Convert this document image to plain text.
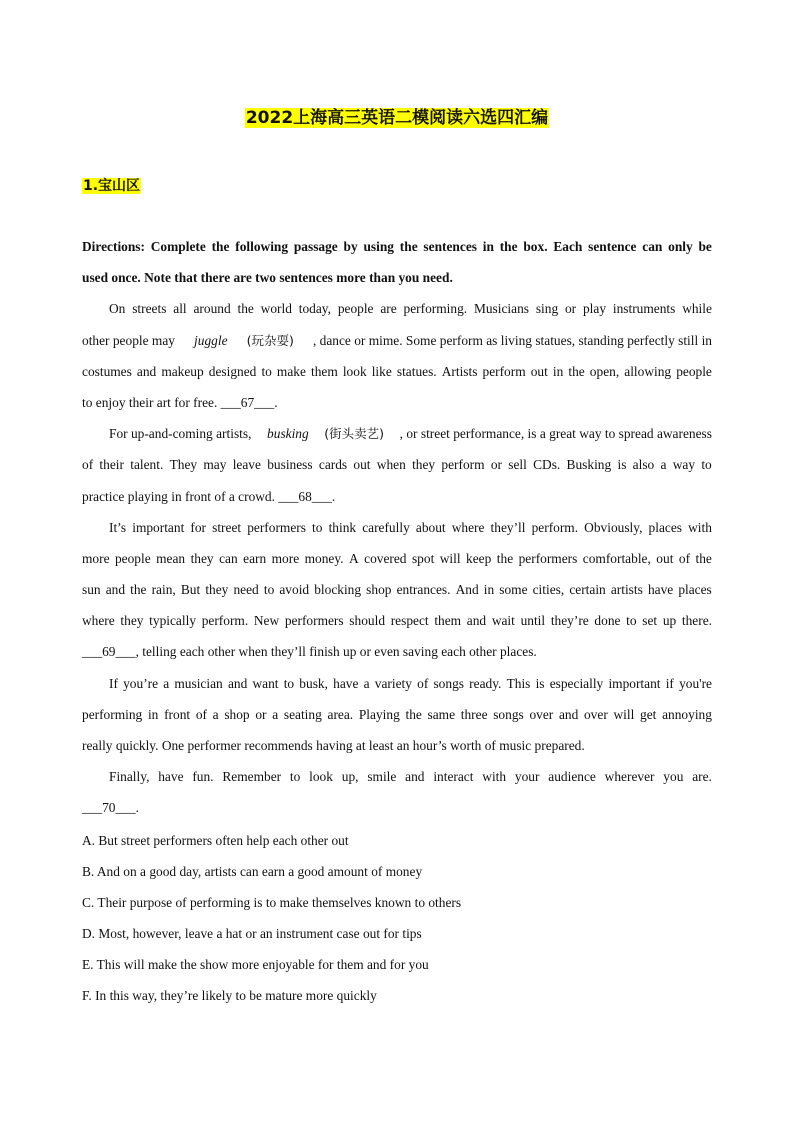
2022上海高三英语二模阅读六选四汇编
1.宝山区
Directions: Complete the following passage by using the sentences in the box. Each sentence can only be
used once. Note that there are two sentences more than you need.
On streets all around the world today, people are performing. Musicians sing or play instruments while
other people may juggle (玩杂耍) , dance or mime. Some perform as living statues, standing perfectly still in
costumes and makeup designed to make them look like statues. Artists perform out in the open, allowing people
to enjoy their art for free. ___67___.
For up-and-coming artists, busking (街头卖艺) , or street performance, is a great way to spread awareness
of their talent. They may leave business cards out when they perform or sell CDs. Busking is also a way to
practice playing in front of a crowd. ___68___.
It’s important for street performers to think carefully about where they’ll perform. Obviously, places with
more people mean they can earn more money. A covered spot will keep the performers comfortable, out of the
sun and the rain, But they need to avoid blocking shop entrances. And in some cities, certain artists have places
where they typically perform. New performers should respect them and wait until they’re done to set up there.
___69___, telling each other when they’ll finish up or even saving each other places.
If you’re a musician and want to busk, have a variety of songs ready. This is especially important if you're
performing in front of a shop or a seating area. Playing the same three songs over and over will get annoying
really quickly. One performer recommends having at least an hour’s worth of music prepared.
Finally, have fun. Remember to look up, smile and interact with your audience wherever you are.
___70___.
A. But street performers often help each other out
B. And on a good day, artists can earn a good amount of money
C. Their purpose of performing is to make themselves known to others
D. Most, however, leave a hat or an instrument case out for tips
E. This will make the show more enjoyable for them and for you
F. In this way, they’re likely to be mature more quickly
